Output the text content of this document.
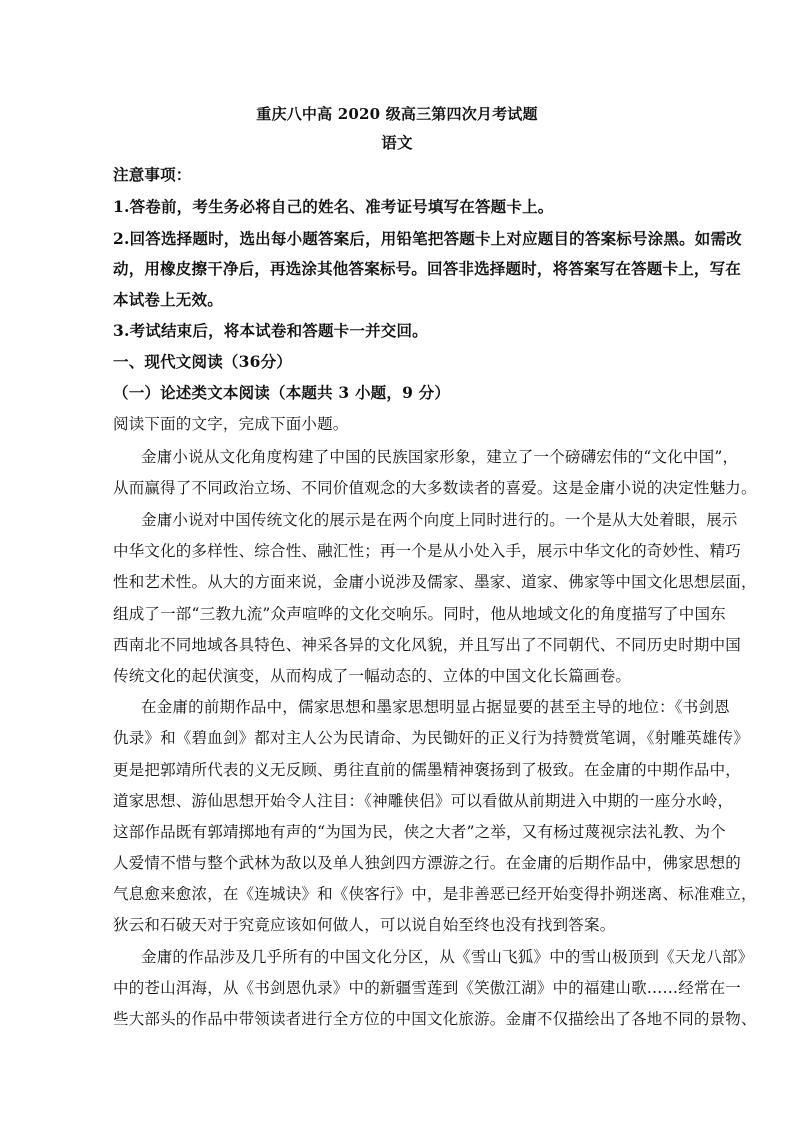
重庆八中高 2020 级高三第四次月考试题
语文
注意事项：
1.答卷前，考生务必将自己的姓名、准考证号填写在答题卡上。
2.回答选择题时，选出每小题答案后，用铅笔把答题卡上对应题目的答案标号涂黑。如需改
动，用橡皮擦干净后，再选涂其他答案标号。回答非选择题时，将答案写在答题卡上，写在
本试卷上无效。
3.考试结束后，将本试卷和答题卡一并交回。
一、现代文阅读（36分）
（一）论述类文本阅读（本题共 3 小题，9 分）
阅读下面的文字，完成下面小题。
金庸小说从文化角度构建了中国的民族国家形象，建立了一个磅礴宏伟的“文化中国”，
从而赢得了不同政治立场、不同价值观念的大多数读者的喜爱。这是金庸小说的决定性魅力。
金庸小说对中国传统文化的展示是在两个向度上同时进行的。一个是从大处着眼，展示
中华文化的多样性、综合性、融汇性；再一个是从小处入手，展示中华文化的奇妙性、精巧
性和艺术性。从大的方面来说，金庸小说涉及儒家、墨家、道家、佛家等中国文化思想层面，
组成了一部“三教九流”众声喧哗的文化交响乐。同时，他从地域文化的角度描写了中国东
西南北不同地域各具特色、神采各异的文化风貌，并且写出了不同朝代、不同历史时期中国
传统文化的起伏演变，从而构成了一幅动态的、立体的中国文化长篇画卷。
在金庸的前期作品中，儒家思想和墨家思想明显占据显要的甚至主导的地位：《书剑恩
仇录》和《碧血剑》都对主人公为民请命、为民锄奸的正义行为持赞赏笔调，《射雕英雄传》
更是把郭靖所代表的义无反顾、勇往直前的儒墨精神褒扬到了极致。在金庸的中期作品中，
道家思想、游仙思想开始令人注目：《神雕侠侣》可以看做从前期进入中期的一座分水岭，
这部作品既有郭靖掷地有声的“为国为民，侠之大者”之举，又有杨过蔑视宗法礼教、为个
人爱情不惜与整个武林为敌以及单人独剑四方漂游之行。在金庸的后期作品中，佛家思想的
气息愈来愈浓，在《连城诀》和《侠客行》中，是非善恶已经开始变得扑朔迷离、标准难立，
狄云和石破天对于究竟应该如何做人，可以说自始至终也没有找到答案。
金庸的作品涉及几乎所有的中国文化分区，从《雪山飞狐》中的雪山极顶到《天龙八部》
中的苍山洱海，从《书剑恩仇录》中的新疆雪莲到《笑傲江湖》中的福建山歌……经常在一
些大部头的作品中带领读者进行全方位的中国文化旅游。金庸不仅描绘出了各地不同的景物、
